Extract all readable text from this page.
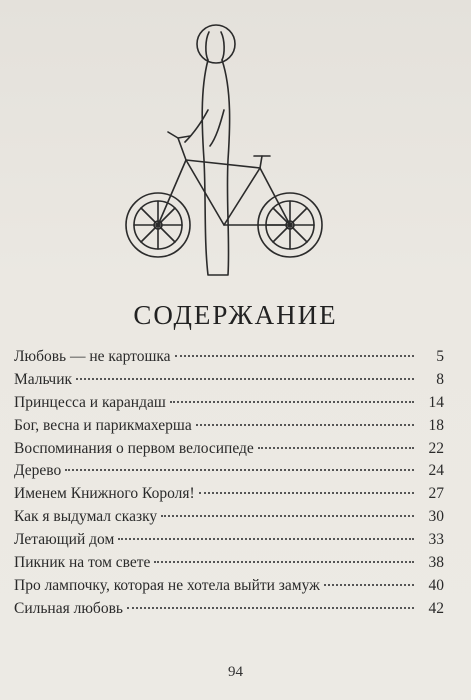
СОДЕРЖАНИЕ
Любовь — не картошка	5
Мальчик	8
Принцесса и карандаш	14
Бог, весна и парикмахерша	18
Воспоминания о первом велосипеде	22
Дерево	24
Именем Книжного Короля!	27
Как я выдумал сказку	30
Летающий дом	33
Пикник на том свете	38
Про лампочку, которая не хотела выйти замуж	40
Сильная любовь	42
94
